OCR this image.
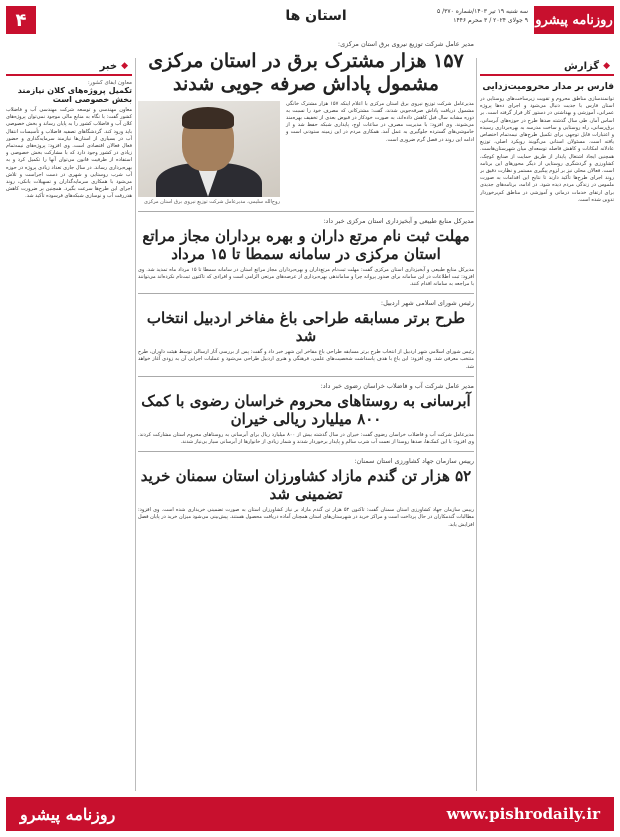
۴	استان ها	سه شنبه ۱۹ تیر ۱۴۰۳/شماره ۳۷۰/ ۵
۹ جولای ۲۰۲۴ / ۳ محرم ۱۴۴۶ روزنامه پیشرو
◆
خبر	◆
گزارش
معاون آبفای کشور:
تکمیل پروژه‌های کلان نیازمند بخش خصوصی است
معاون مهندسی و توسعه شرکت مهندسی آب و فاضلاب کشور گفت: با نگاه به منابع مالی موجود نمی‌توان پروژه‌های کلان آب و فاضلاب کشور را به پایان رساند و بخش خصوصی باید ورود کند. گردشگاهای تصفیه فاضلاب و تأسیسات انتقال آب در بسیاری از استان‌ها نیازمند سرمایه‌گذاری و حضور فعال فعالان اقتصادی است. وی افزود: پروژه‌های نیمه‌تمام زیادی در کشور وجود دارد که با مشارکت بخش خصوصی و استفاده از ظرفیت قانون می‌توان آنها را تکمیل کرد و به بهره‌برداری رساند. در سال جاری تعداد زیادی پروژه در حوزه آب شرب روستایی و شهری در دست اجراست و تلاش می‌شود با همکاری سرمایه‌گذاران و تسهیلات بانکی، روند اجرای این طرح‌ها سرعت بگیرد. همچنین بر ضرورت کاهش هدررفت آب و نوسازی شبکه‌های فرسوده تأکید شد.
فارس بر مدار محرومیت‌زدایی
توانمندسازی مناطق محروم و تقویت زیرساخت‌های روستایی در استان فارس با جدیت دنبال می‌شود و اجرای ده‌ها پروژه عمرانی، آموزشی و بهداشتی در دستور کار قرار گرفته است. بر اساس آمار، طی سال گذشته صدها طرح در حوزه‌های آبرسانی، برق‌رسانی، راه روستایی و ساخت مدرسه به بهره‌برداری رسیده و اعتبارات قابل توجهی برای تکمیل طرح‌های نیمه‌تمام اختصاص یافته است. مسئولان استانی می‌گویند رویکرد اصلی، توزیع عادلانه امکانات و کاهش فاصله توسعه‌ای میان شهرستان‌هاست. همچنین ایجاد اشتغال پایدار از طریق حمایت از صنایع کوچک، کشاورزی و گردشگری روستایی از دیگر محورهای این برنامه است. فعالان محلی نیز بر لزوم پیگیری مستمر و نظارت دقیق بر روند اجرای طرح‌ها تأکید دارند تا نتایج این اقدامات به صورت ملموس در زندگی مردم دیده شود. در ادامه، برنامه‌های جدیدی برای ارتقای خدمات درمانی و آموزشی در مناطق کم‌برخوردار تدوین شده است.
مدیر عامل شرکت توزیع نیروی برق استان مرکزی:
۱۵۷ هزار مشترک برق در استان مرکزی مشمول پاداش صرفه جویی شدند
مدیرعامل شرکت توزیع نیروی برق استان مرکزی با اعلام اینکه ۱۵۷ هزار مشترک خانگی مشمول دریافت پاداش صرفه‌جویی شدند، گفت: مشترکانی که مصرف خود را نسبت به دوره مشابه سال قبل کاهش داده‌اند، به صورت خودکار در قبوض بعدی از تخفیف بهره‌مند می‌شوند. وی افزود: با مدیریت مصرف در ساعات اوج، پایداری شبکه حفظ شد و از خاموشی‌های گسترده جلوگیری به عمل آمد. همکاری مردم در این زمینه ستودنی است و ادامه این روند در فصل گرم ضروری است.
روح‌الله سلیمی، مدیرعامل شرکت توزیع نیروی برق استان مرکزی
مدیرکل منابع طبیعی و آبخیزداری استان مرکزی خبر داد:
مهلت ثبت نام مرتع داران و بهره برداران مجاز مراتع استان مرکزی در سامانه سمطا تا ۱۵ مرداد
مدیرکل منابع طبیعی و آبخیزداری استان مرکزی گفت: مهلت ثبت‌نام مرتع‌داران و بهره‌برداران مجاز مراتع استان در سامانه سمطا تا ۱۵ مرداد ماه تمدید شد. وی افزود: ثبت اطلاعات در این سامانه برای صدور پروانه چرا و ساماندهی بهره‌برداری از عرصه‌های مرتعی الزامی است و افرادی که تاکنون ثبت‌نام نکرده‌اند می‌توانند با مراجعه به سامانه اقدام کنند.
رئیس شورای اسلامی شهر اردبیل:
طرح برتر مسابقه طراحی باغ مفاخر اردبیل انتخاب شد
رئیس شورای اسلامی شهر اردبیل از انتخاب طرح برتر مسابقه طراحی باغ مفاخر این شهر خبر داد و گفت: پس از بررسی آثار ارسالی توسط هیئت داوران، طرح منتخب معرفی شد. وی افزود: این باغ با هدف پاسداشت شخصیت‌های علمی، فرهنگی و هنری اردبیل طراحی می‌شود و عملیات اجرایی آن به زودی آغاز خواهد شد.
مدیر عامل شرکت آب و فاضلاب خراسان رضوی خبر داد:
آبرسانی به روستاهای محروم خراسان رضوی با کمک ۸۰۰ میلیارد ریالی خیران
مدیرعامل شرکت آب و فاضلاب خراسان رضوی گفت: خیران در سال گذشته بیش از ۸۰۰ میلیارد ریال برای آبرسانی به روستاهای محروم استان مشارکت کردند. وی افزود: با این کمک‌ها، صدها روستا از نعمت آب شرب سالم و پایدار برخوردار شدند و شمار زیادی از خانوارها از آبرسانی سیار بی‌نیاز شدند.
رییس سازمان جهاد کشاورزی استان سمنان:
۵۲ هزار تن گندم مازاد کشاورزان استان سمنان خرید تضمینی شد
رییس سازمان جهاد کشاورزی استان سمنان گفت: تاکنون ۵۲ هزار تن گندم مازاد بر نیاز کشاورزان استان به صورت تضمینی خریداری شده است. وی افزود: مطالبات گندمکاران در حال پرداخت است و مراکز خرید در شهرستان‌های استان همچنان آماده دریافت محصول هستند. پیش‌بینی می‌شود میزان خرید در پایان فصل افزایش یابد.
www.pishrodaily.ir
روزنامه پیشرو
